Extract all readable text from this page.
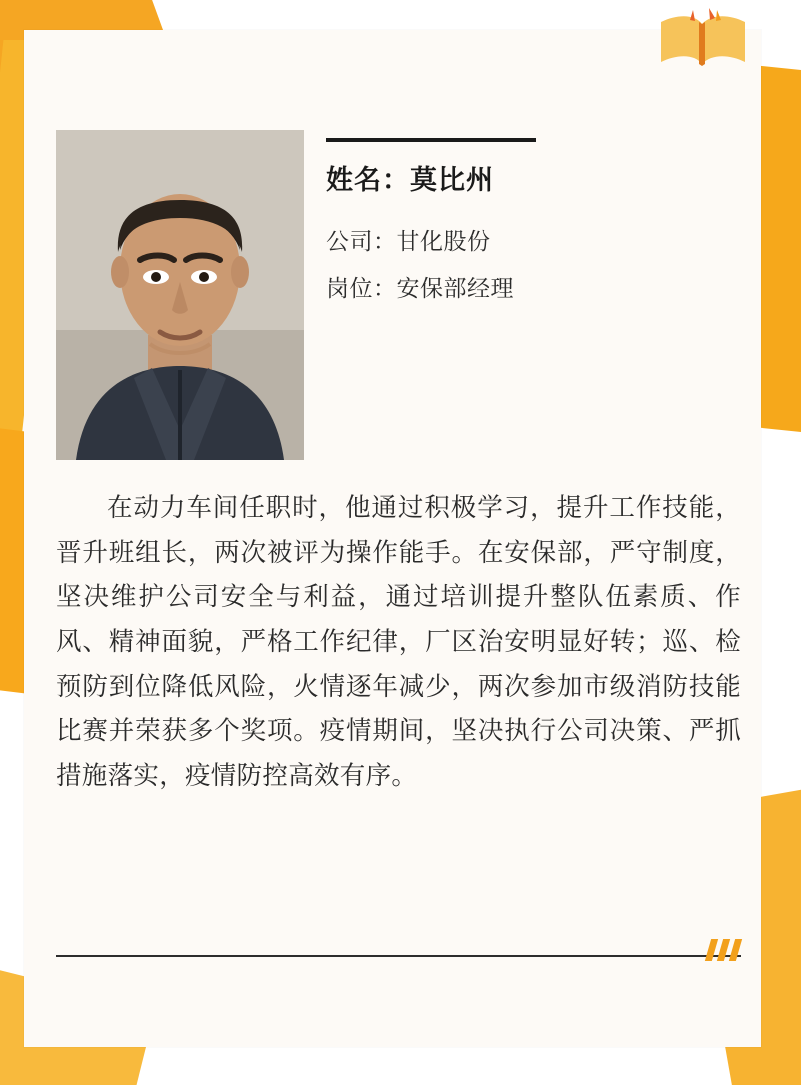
姓名：莫比州
公司：甘化股份
岗位：安保部经理
在动力车间任职时，他通过积极学习，提升工作技能，晋升班组长，两次被评为操作能手。在安保部，严守制度，坚决维护公司安全与利益，通过培训提升整队伍素质、作风、精神面貌，严格工作纪律，厂区治安明显好转；巡、检预防到位降低风险，火情逐年减少，两次参加市级消防技能比赛并荣获多个奖项。疫情期间，坚决执行公司决策、严抓措施落实，疫情防控高效有序。
